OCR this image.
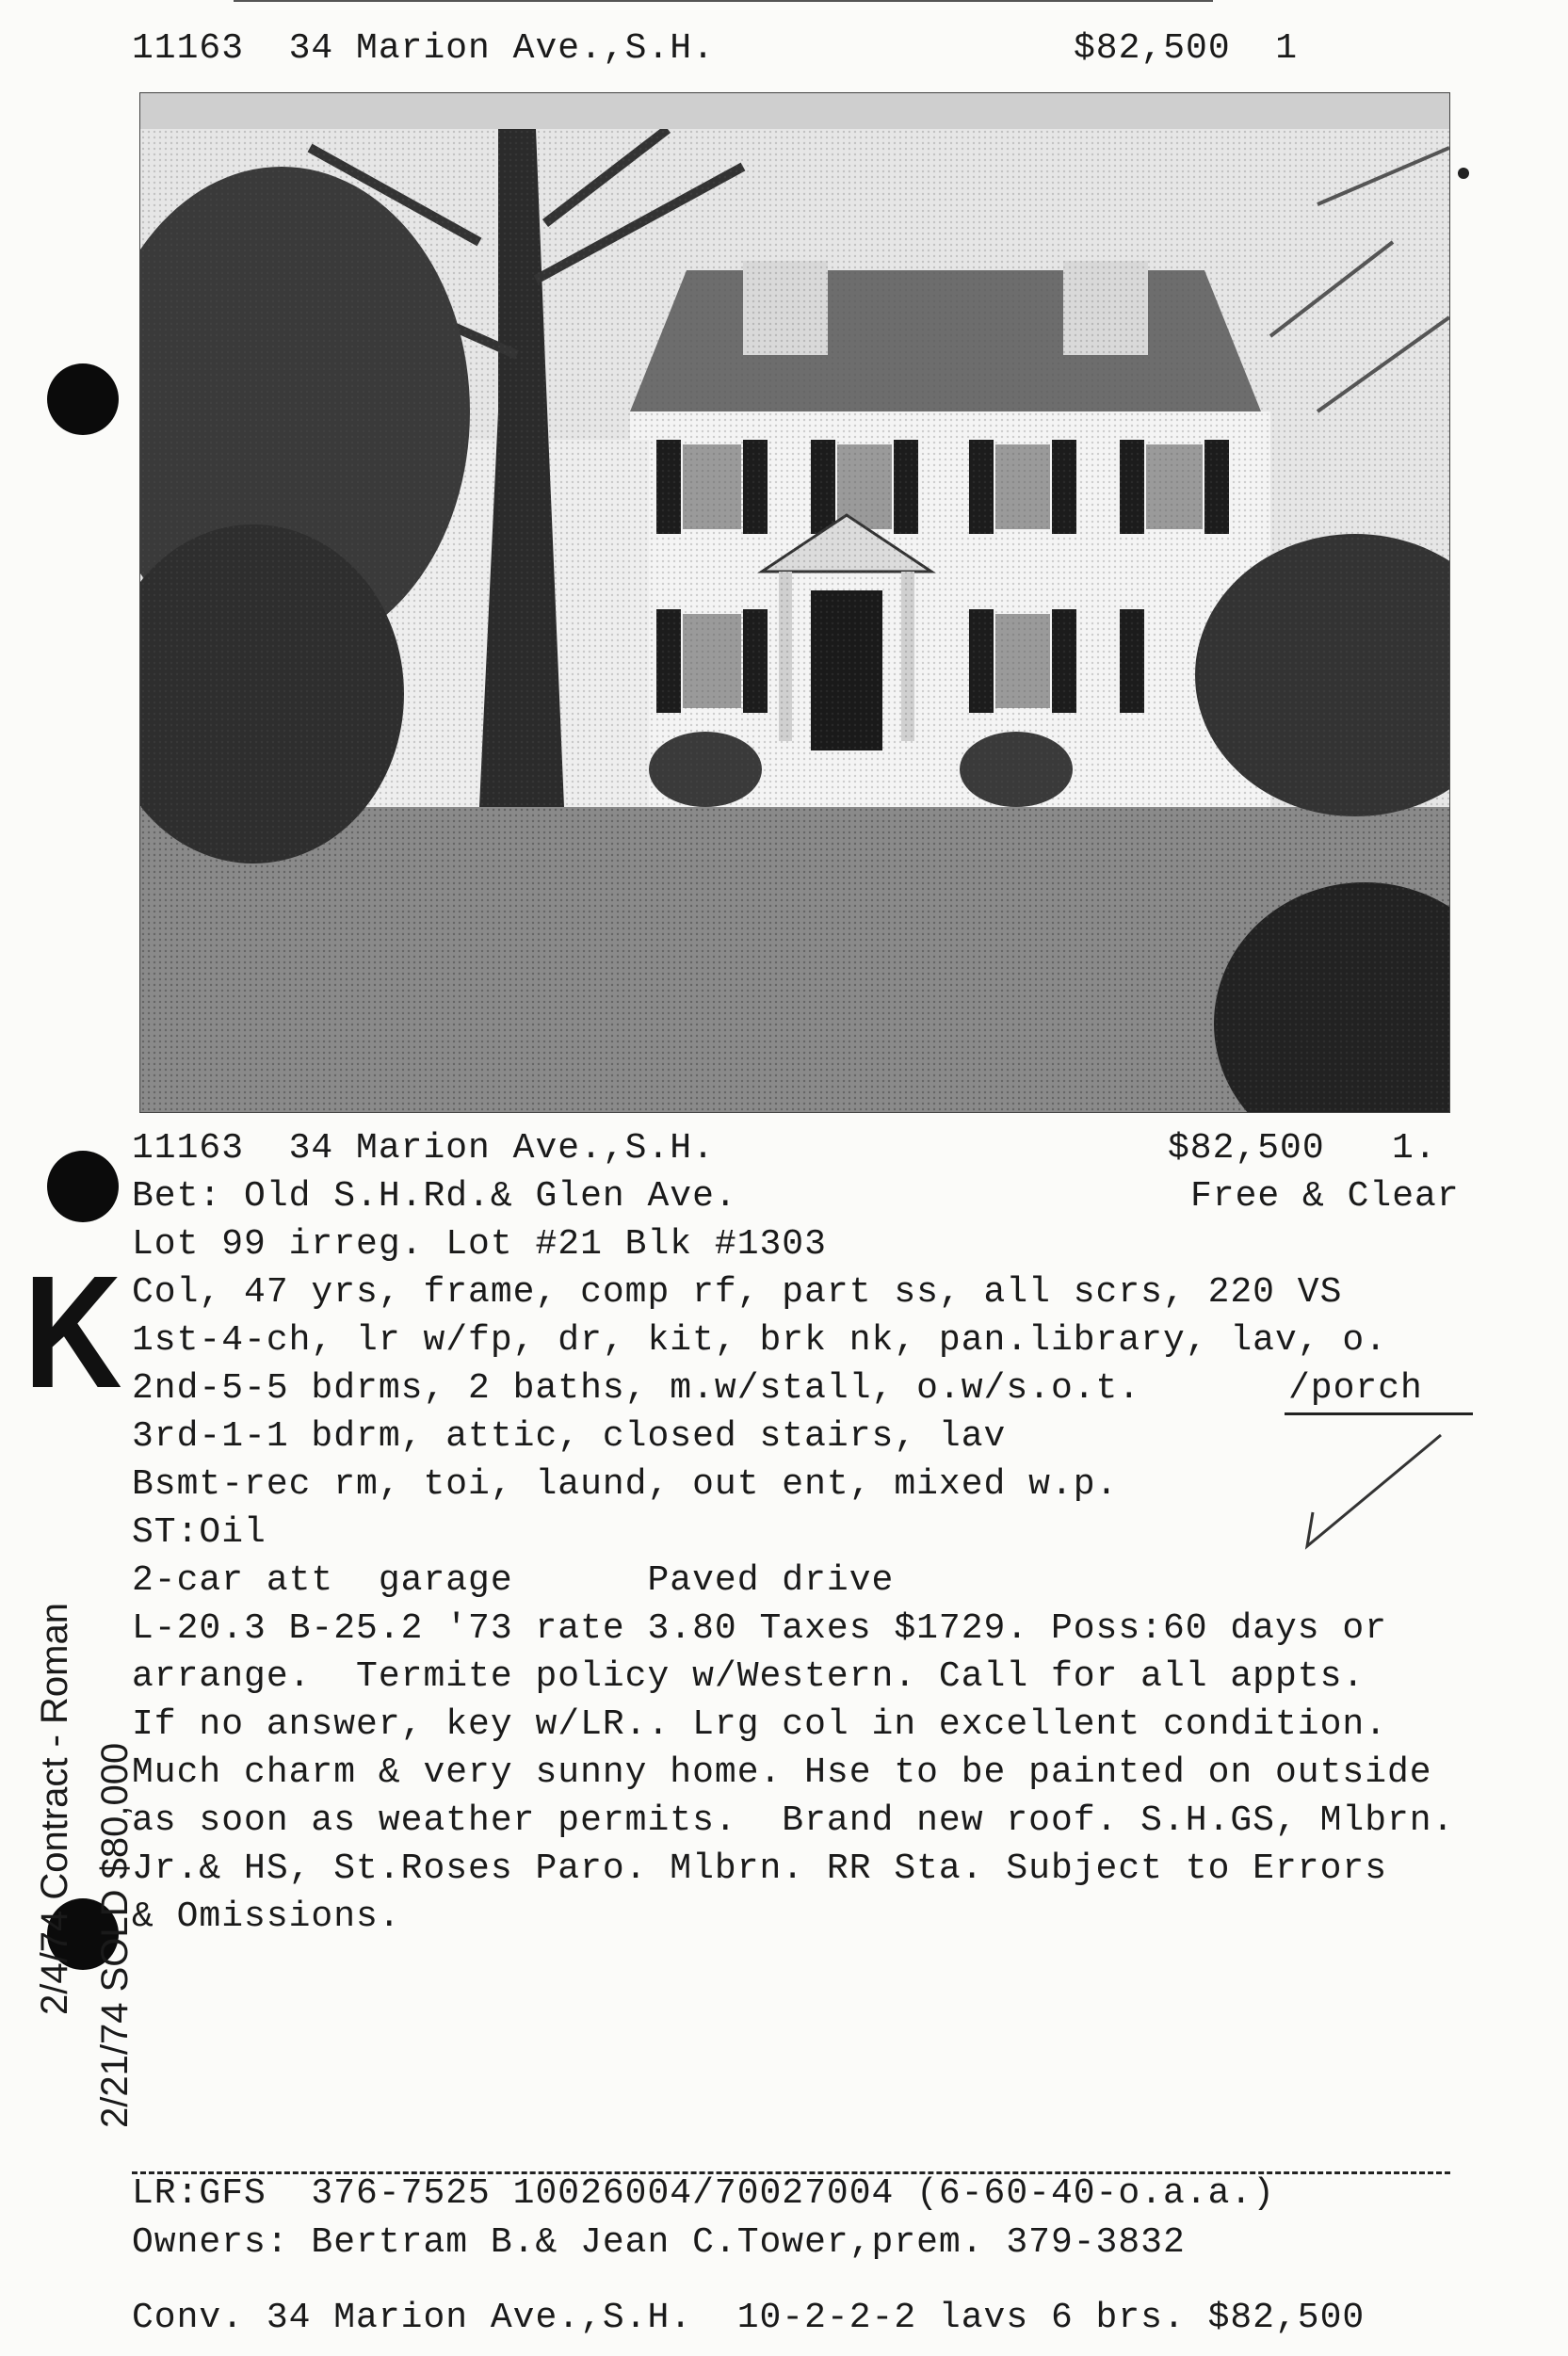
11163  34 Marion Ave.,S.H.	$82,500  1

K
11163  34 Marion Ave.,S.H.
Bet: Old S.H.Rd.& Glen Ave.
Lot 99 irreg. Lot #21 Blk #1303
Col, 47 yrs, frame, comp rf, part ss, all scrs, 220 VS
1st-4-ch, lr w/fp, dr, kit, brk nk, pan.library, lav, o.
2nd-5-5 bdrms, 2 baths, m.w/stall, o.w/s.o.t.
3rd-1-1 bdrm, attic, closed stairs, lav
Bsmt-rec rm, toi, laund, out ent, mixed w.p.
ST:Oil
2-car att  garage      Paved drive
L-20.3 B-25.2 '73 rate 3.80 Taxes $1729. Poss:60 days or
arrange.  Termite policy w/Western. Call for all appts.
If no answer, key w/LR.. Lrg col in excellent condition.
Much charm & very sunny home. Hse to be painted on outside
as soon as weather permits.  Brand new roof. S.H.GS, Mlbrn.
Jr.& HS, St.Roses Paro. Mlbrn. RR Sta. Subject to Errors
& Omissions.
$82,500   1.
Free & Clear
/porch
2/4/74 Contract - Roman 2/21/74 SOLD $80,000
LR:GFS  376-7525 10026004/70027004 (6-60-40-o.a.a.)
Owners: Bertram B.& Jean C.Tower,prem. 379-3832
Conv. 34 Marion Ave.,S.H.  10-2-2-2 lavs 6 brs. $82,500
